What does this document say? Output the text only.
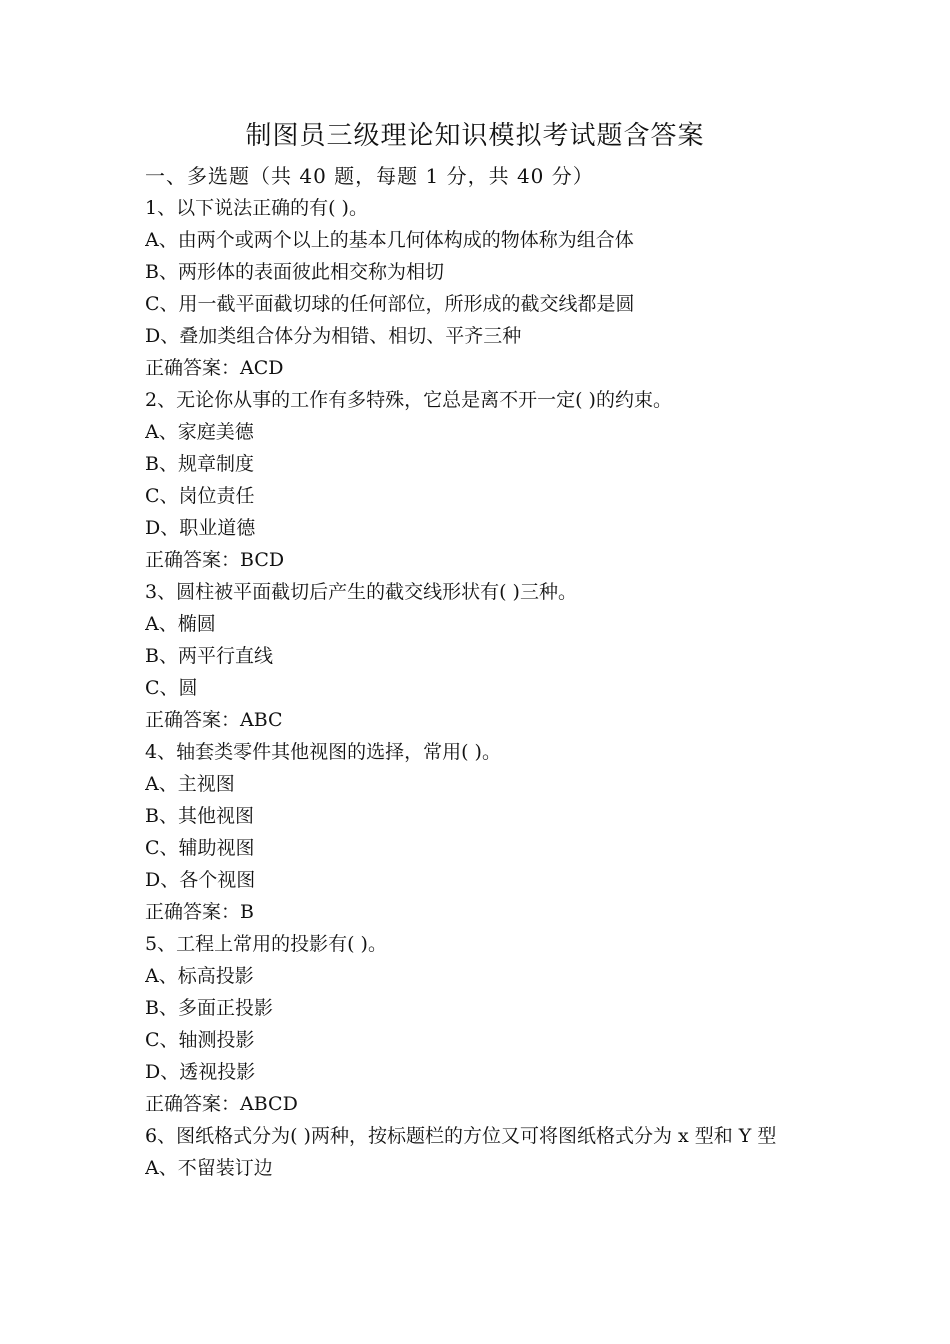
制图员三级理论知识模拟考试题含答案
一、多选题（共 40 题，每题 1 分，共 40 分）
1、以下说法正确的有( )。
A、由两个或两个以上的基本几何体构成的物体称为组合体
B、两形体的表面彼此相交称为相切
C、用一截平面截切球的任何部位，所形成的截交线都是圆
D、叠加类组合体分为相错、相切、平齐三种
正确答案：ACD
2、无论你从事的工作有多特殊，它总是离不开一定( )的约束。
A、家庭美德
B、规章制度
C、岗位责任
D、职业道德
正确答案：BCD
3、圆柱被平面截切后产生的截交线形状有( )三种。
A、椭圆
B、两平行直线
C、圆
正确答案：ABC
4、轴套类零件其他视图的选择，常用( )。
A、主视图
B、其他视图
C、辅助视图
D、各个视图
正确答案：B
5、工程上常用的投影有( )。
A、标高投影
B、多面正投影
C、轴测投影
D、透视投影
正确答案：ABCD
6、图纸格式分为( )两种，按标题栏的方位又可将图纸格式分为 x 型和 Y 型
A、不留装订边
